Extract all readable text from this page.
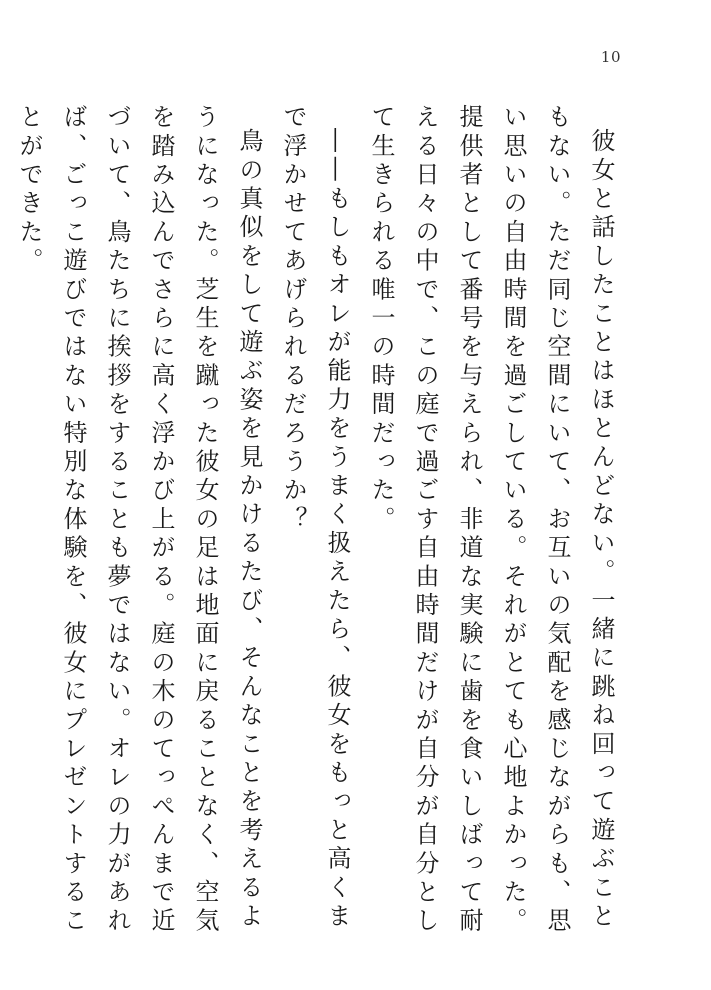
10

彼女と話したことはほとんどない。一緒に跳ね回って遊ぶこともない。ただ同じ空間にいて、お互いの気配を感じながらも、思い思いの自由時間を過ごしている。それがとても心地よかった。提供者として番号を与えられ、非道な実験に歯を食いしばって耐える日々の中で、この庭で過ごす自由時間だけが自分が自分として生きられる唯一の時間だった。

――もしもオレが能力をうまく扱えたら、彼女をもっと高くまで浮かせてあげられるだろうか？

鳥の真似をして遊ぶ姿を見かけるたび、そんなことを考えるようになった。芝生を蹴った彼女の足は地面に戻ることなく、空気を踏み込んでさらに高く浮かび上がる。庭の木のてっぺんまで近づいて、鳥たちに挨拶をすることも夢ではない。オレの力があれば、ごっこ遊びではない特別な体験を、彼女にプレゼントすることができた。
